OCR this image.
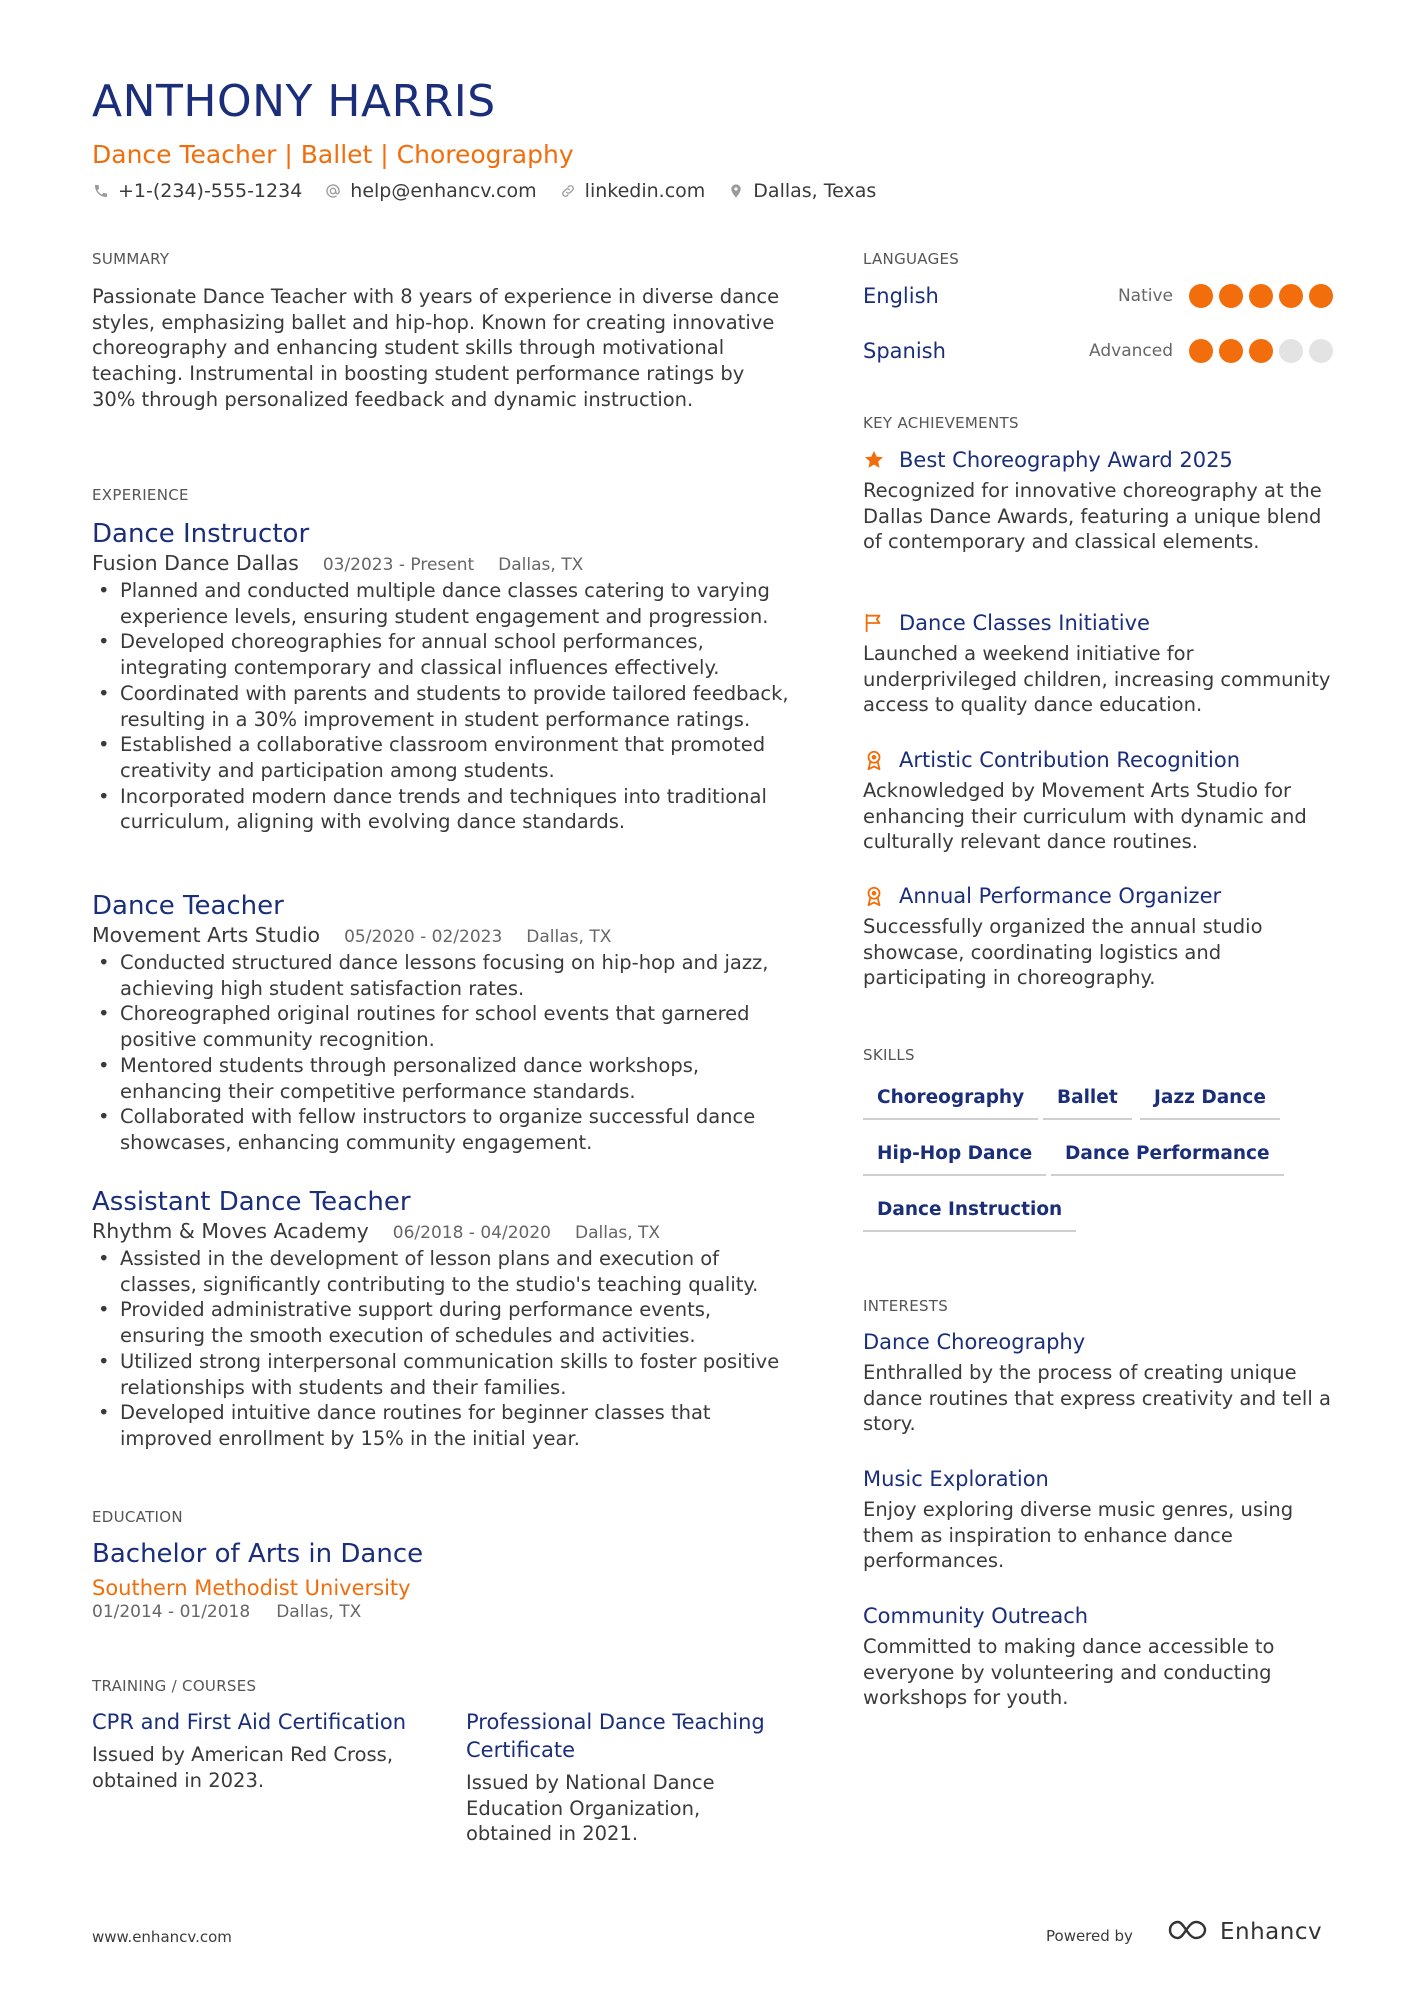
ANTHONY HARRIS
Dance Teacher | Ballet | Choreography
+1-(234)-555-1234	help@enhancv.com	linkedin.com	Dallas, Texas
SUMMARY
Passionate Dance Teacher with 8 years of experience in diverse dance styles, emphasizing ballet and hip-hop. Known for creating innovative choreography and enhancing student skills through motivational teaching. Instrumental in boosting student performance ratings by 30% through personalized feedback and dynamic instruction.
EXPERIENCE
Dance Instructor
Fusion Dance Dallas 03/2023 - Present Dallas, TX
• Planned and conducted multiple dance classes catering to varying experience levels, ensuring student engagement and progression.
• Developed choreographies for annual school performances, integrating contemporary and classical influences effectively.
• Coordinated with parents and students to provide tailored feedback, resulting in a 30% improvement in student performance ratings.
• Established a collaborative classroom environment that promoted creativity and participation among students.
• Incorporated modern dance trends and techniques into traditional curriculum, aligning with evolving dance standards.
Dance Teacher
Movement Arts Studio 05/2020 - 02/2023 Dallas, TX
• Conducted structured dance lessons focusing on hip-hop and jazz, achieving high student satisfaction rates.
• Choreographed original routines for school events that garnered positive community recognition.
• Mentored students through personalized dance workshops, enhancing their competitive performance standards.
• Collaborated with fellow instructors to organize successful dance showcases, enhancing community engagement.
Assistant Dance Teacher
Rhythm & Moves Academy 06/2018 - 04/2020 Dallas, TX
• Assisted in the development of lesson plans and execution of classes, significantly contributing to the studio's teaching quality.
• Provided administrative support during performance events, ensuring the smooth execution of schedules and activities.
• Utilized strong interpersonal communication skills to foster positive relationships with students and their families.
• Developed intuitive dance routines for beginner classes that improved enrollment by 15% in the initial year.
EDUCATION
Bachelor of Arts in Dance
Southern Methodist University
01/2014 - 01/2018 Dallas, TX
TRAINING / COURSES
CPR and First Aid Certification
Issued by American Red Cross, obtained in 2023.
Professional Dance Teaching Certificate
Issued by National Dance Education Organization, obtained in 2021.
LANGUAGES
English	Native
Spanish	Advanced
KEY ACHIEVEMENTS
Best Choreography Award 2025
Recognized for innovative choreography at the Dallas Dance Awards, featuring a unique blend of contemporary and classical elements.
Dance Classes Initiative
Launched a weekend initiative for underprivileged children, increasing community access to quality dance education.
Artistic Contribution Recognition
Acknowledged by Movement Arts Studio for enhancing their curriculum with dynamic and culturally relevant dance routines.
Annual Performance Organizer
Successfully organized the annual studio showcase, coordinating logistics and participating in choreography.
SKILLS
Choreography	Ballet	Jazz Dance
Hip-Hop Dance	Dance Performance
Dance Instruction
INTERESTS
Dance Choreography
Enthralled by the process of creating unique dance routines that express creativity and tell a story.
Music Exploration
Enjoy exploring diverse music genres, using them as inspiration to enhance dance performances.
Community Outreach
Committed to making dance accessible to everyone by volunteering and conducting workshops for youth.
www.enhancv.com	Powered by	Enhancv
